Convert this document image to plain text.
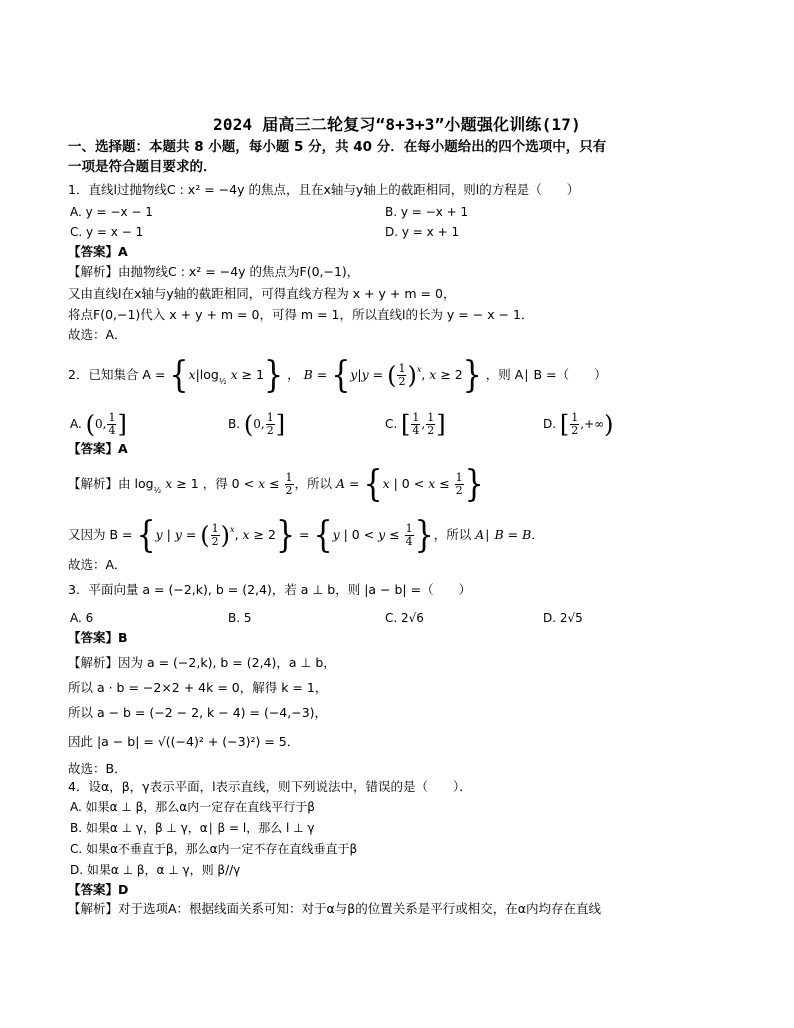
2024 届高三二轮复习“8+3+3”小题强化训练(17)
一、选择题：本题共 8 小题，每小题 5 分，共 40 分．在每小题给出的四个选项中，只有
一项是符合题目要求的．
1．直线l过抛物线C : x² = −4y 的焦点，且在x轴与y轴上的截距相同，则l的方程是（　　）
A. y = −x − 1	B. y = −x + 1
C. y = x − 1	D. y = x + 1
【答案】A
【解析】由抛物线C : x² = −4y 的焦点为F(0,−1)，
又由直线l在x轴与y轴的截距相同，可得直线方程为 x + y + m = 0，
将点F(0,−1)代入 x + y + m = 0，可得 m = 1，所以直线l的长为 y = − x − 1．
故选：A．
2．已知集合 $A = \{x|\log_{\frac{1}{2}}$ x ≥ 1} ， B = {y|y = ( $\frac{1}{2} )^x$, x ≥ 2} ，则 A∣ B =（　　）
A. (0, $\frac{1}{4}$ ]	B. (0, $\frac{1}{2}$ ]	C. [ $\frac{1}{4}$ , $\frac{1}{2}$ ]	D. [ $\frac{1}{2}$ ,+∞)
【答案】A
【解析】由 $\log_{\frac{1}{2}} x \ge 1$ ，得 $0 < x \le \frac{1}{2}$ ，所以 A = {x | $0 < x \le \frac{1}{2}$ }
又因为 B = {y | y = ( $\frac{1}{2} )^x$, x ≥ 2} = {y | $0 < y \le \frac{1}{4}$ }，所以 A∣ B = B．
故选：A．
3．平面向量 a = (−2,k), b = (2,4)，若 a ⊥ b，则 |a − b| =（　　）
A. 6	B. 5	C. 2√6	D. 2√5
【答案】B
【解析】因为 a = (−2,k), b = (2,4)，a ⊥ b，
所以 a · b = −2×2 + 4k = 0，解得 k = 1，
所以 a − b = (−2 − 2, k − 4) = (−4,−3)，
因此 |a − b| = √((−4)² + (−3)²) = 5．
故选：B．
4．设α，β，γ表示平面，l表示直线，则下列说法中，错误的是（　　）．
A. 如果α ⊥ β，那么α内一定存在直线平行于β
B. 如果α ⊥ γ，β ⊥ γ，α∣ β = l，那么 l ⊥ γ
C. 如果α不垂直于β，那么α内一定不存在直线垂直于β
D. 如果α ⊥ β，α ⊥ γ，则 β//γ
【答案】D
【解析】对于选项A：根据线面关系可知：对于α与β的位置关系是平行或相交，在α内均存在直线
